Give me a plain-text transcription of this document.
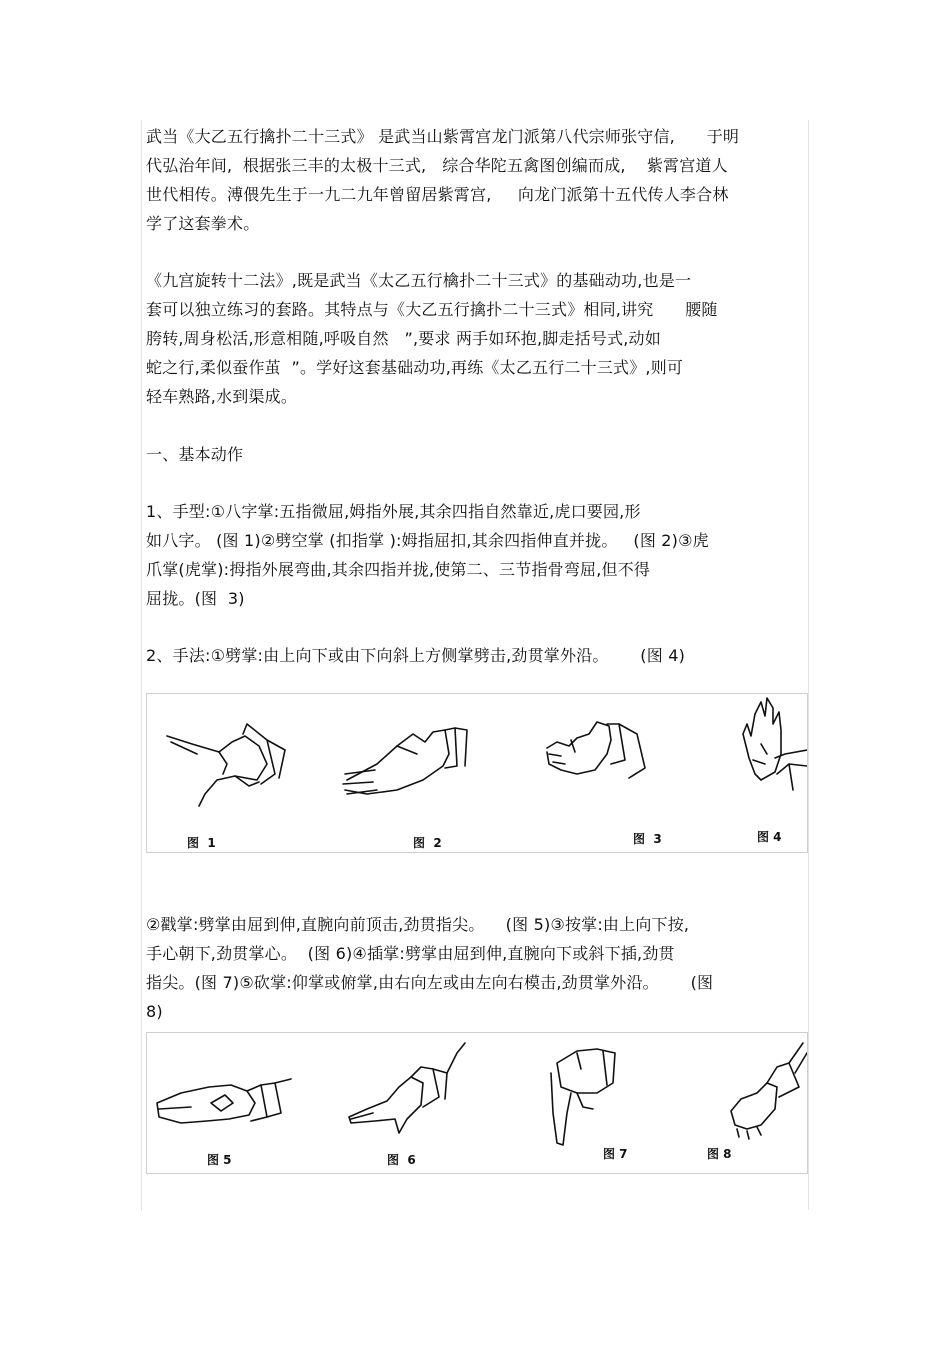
武当《大乙五行擒扑二十三式》 是武当山紫霄宫龙门派第八代宗师张守信,      于明
代弘治年间,  根据张三丰的太极十三式,   综合华陀五禽图创编而成,    紫霄宫道人
世代相传。溥偎先生于一九二九年曾留居紫霄宫,     向龙门派第十五代传人李合林
学了这套拳术。
《九宫旋转十二法》,既是武当《太乙五行檎扑二十三式》的基础动功,也是一
套可以独立练习的套路。其特点与《大乙五行擒扑二十三式》相同,讲究      腰随
胯转,周身松活,形意相随,呼吸自然   ”,要求 两手如环抱,脚走括号式,动如
蛇之行,柔似蚕作茧  ”。学好这套基础动功,再练《太乙五行二十三式》,则可
轻车熟路,水到渠成。
一、基本动作
1、手型:①八字掌:五指微屈,姆指外展,其余四指自然靠近,虎口要园,形
如八字。 (图 1)②劈空掌 (扣指掌 ):姆指屈扣,其余四指伸直并拢。   (图 2)③虎
爪掌(虎掌):拇指外展弯曲,其余四指并拢,使第二、三节指骨弯屈,但不得
屈拢。(图  3)
2、手法:①劈掌:由上向下或由下向斜上方侧掌劈击,劲贯掌外沿。      (图 4)
图  1	图  2	图  3	图 4
②戳掌:劈掌由屈到伸,直腕向前顶击,劲贯指尖。    (图 5)③按掌:由上向下按,
手心朝下,劲贯掌心。  (图 6)④插掌:劈掌由屈到伸,直腕向下或斜下插,劲贯
指尖。(图 7)⑤砍掌:仰掌或俯掌,由右向左或由左向右模击,劲贯掌外沿。      (图
8)
图 5	图  6	图 7	图 8
